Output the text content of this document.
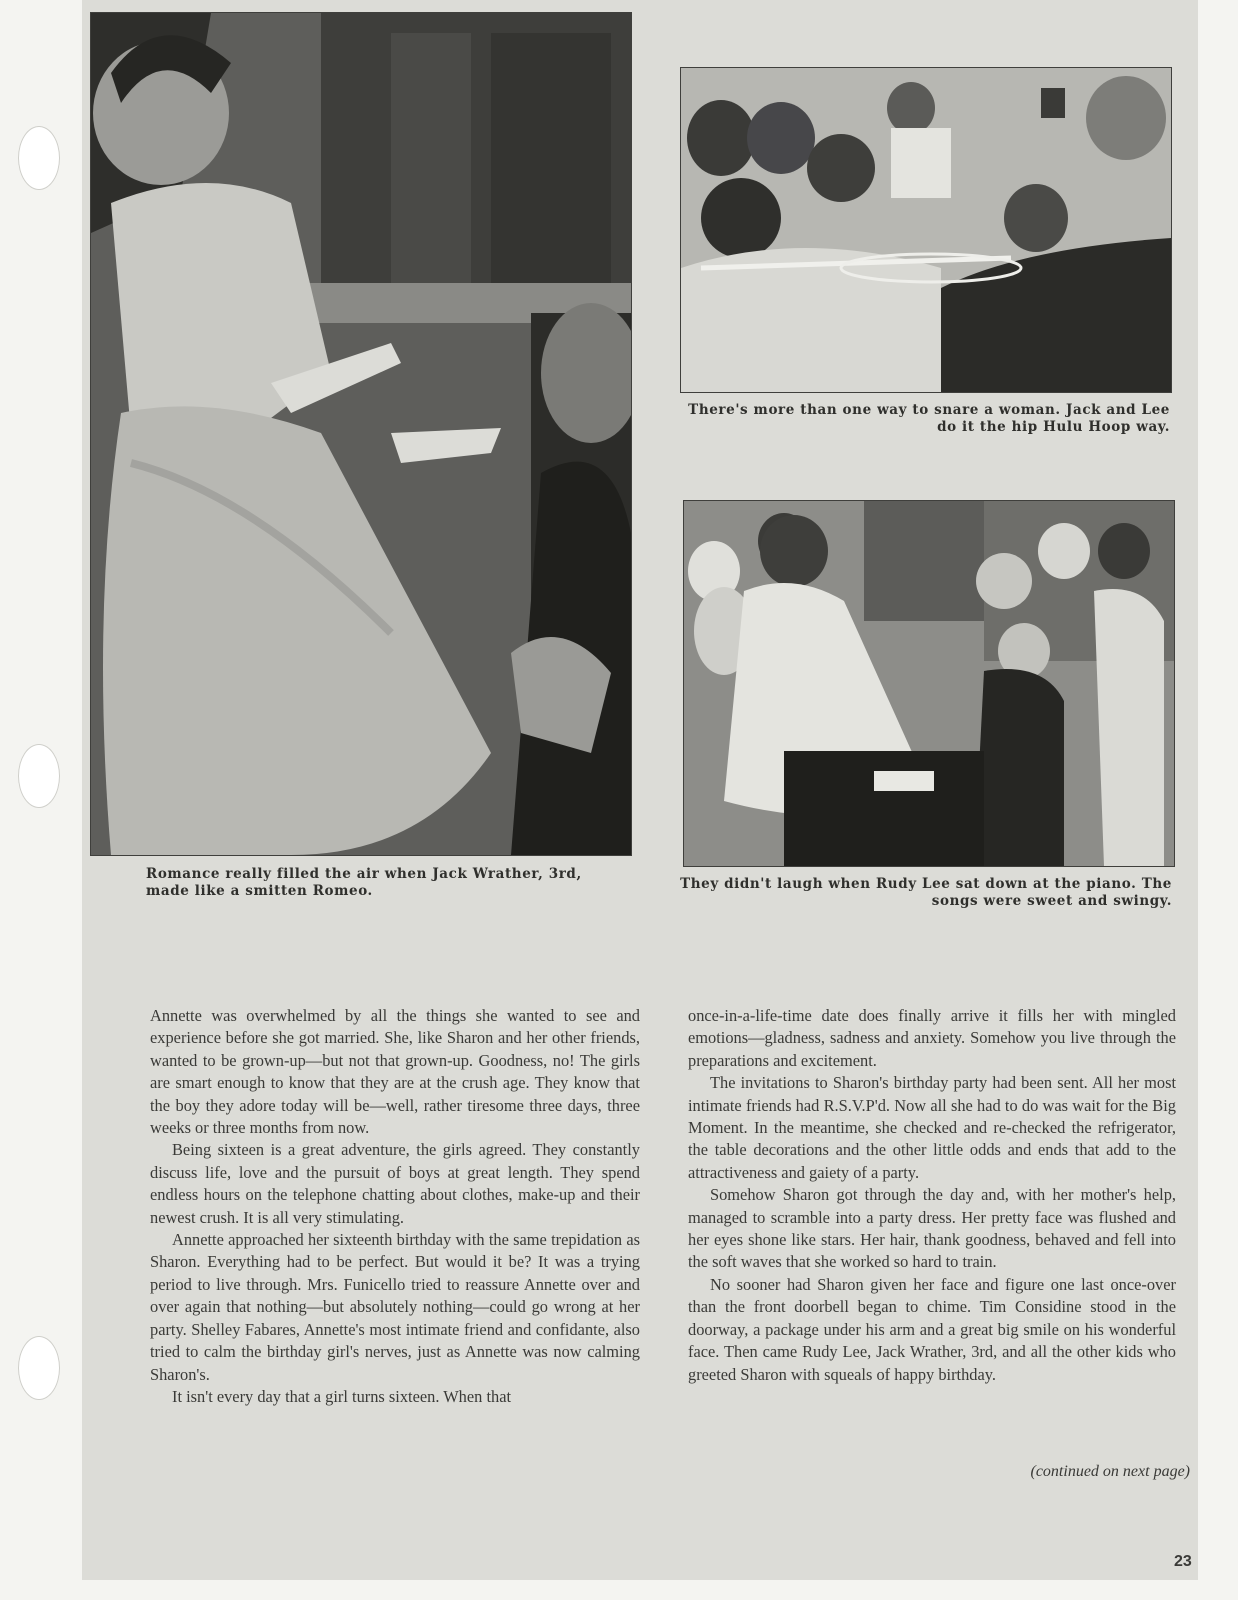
Romance really filled the air when Jack Wrather, 3rd, made like a smitten Romeo.

There's more than one way to snare a woman. Jack and Lee do it the hip Hulu Hoop way.

They didn't laugh when Rudy Lee sat down at the piano. The songs were sweet and swingy.

Annette was overwhelmed by all the things she wanted to see and experience before she got married. She, like Sharon and her other friends, wanted to be grown-up—but not that grown-up. Goodness, no! The girls are smart enough to know that they are at the crush age. They know that the boy they adore today will be—well, rather tiresome three days, three weeks or three months from now.

Being sixteen is a great adventure, the girls agreed. They constantly discuss life, love and the pursuit of boys at great length. They spend endless hours on the telephone chatting about clothes, make-up and their newest crush. It is all very stimulating.

Annette approached her sixteenth birthday with the same trepidation as Sharon. Everything had to be perfect. But would it be? It was a trying period to live through. Mrs. Funicello tried to reassure Annette over and over again that nothing—but absolutely nothing—could go wrong at her party. Shelley Fabares, Annette's most intimate friend and confidante, also tried to calm the birthday girl's nerves, just as Annette was now calming Sharon's.

It isn't every day that a girl turns sixteen. When that

once-in-a-life-time date does finally arrive it fills her with mingled emotions—gladness, sadness and anxiety. Somehow you live through the preparations and excitement.

The invitations to Sharon's birthday party had been sent. All her most intimate friends had R.S.V.P'd. Now all she had to do was wait for the Big Moment. In the meantime, she checked and re-checked the refrigerator, the table decorations and the other little odds and ends that add to the attractiveness and gaiety of a party.

Somehow Sharon got through the day and, with her mother's help, managed to scramble into a party dress. Her pretty face was flushed and her eyes shone like stars. Her hair, thank goodness, behaved and fell into the soft waves that she worked so hard to train.

No sooner had Sharon given her face and figure one last once-over than the front doorbell began to chime. Tim Considine stood in the doorway, a package under his arm and a great big smile on his wonderful face. Then came Rudy Lee, Jack Wrather, 3rd, and all the other kids who greeted Sharon with squeals of happy birthday.

(continued on next page)
23
